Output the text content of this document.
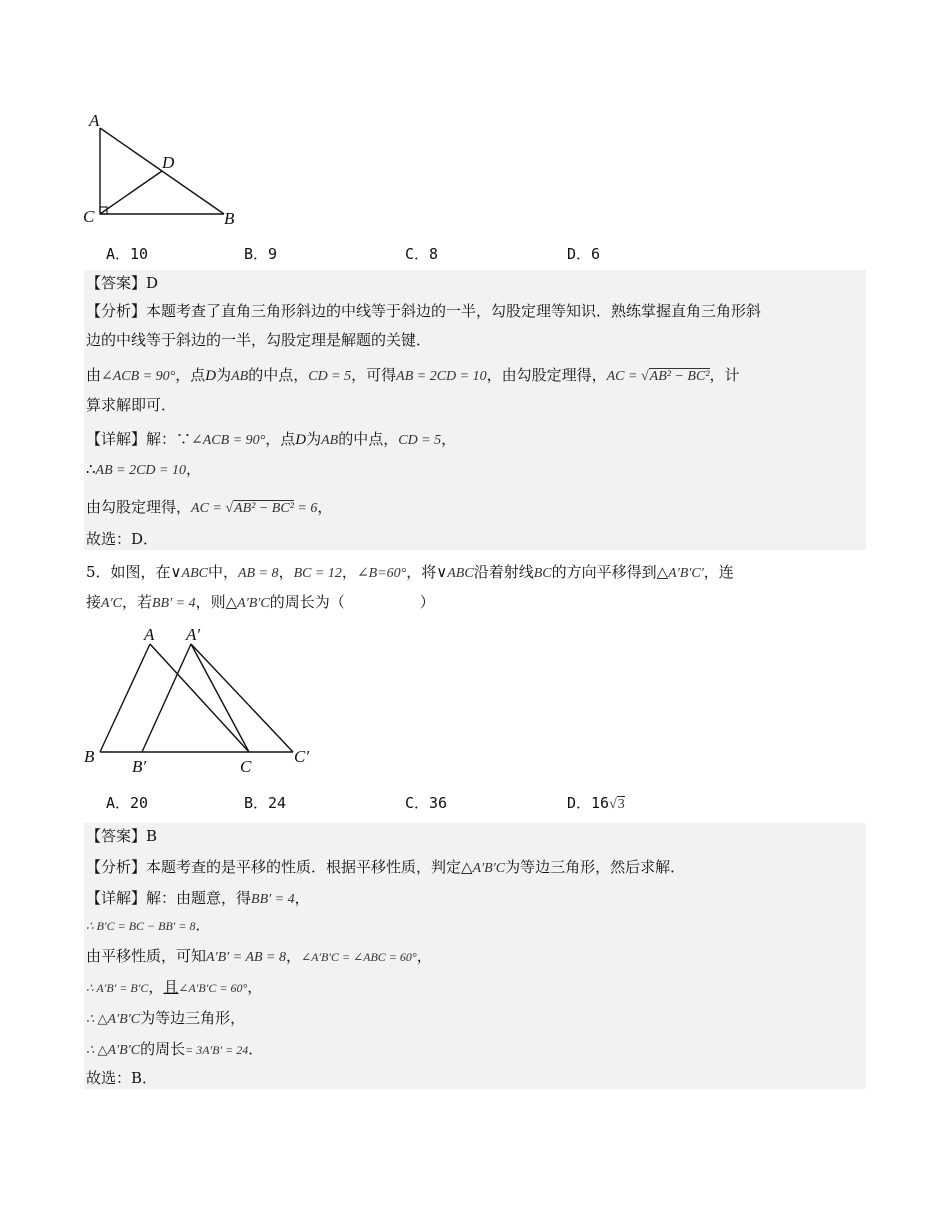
A
D
C	B
A．10	B．9	C．8	D．6
【答案】D
【分析】本题考查了直角三角形斜边的中线等于斜边的一半，勾股定理等知识．熟练掌握直角三角形斜
边的中线等于斜边的一半，勾股定理是解题的关键．
由∠ACB = 90°，点D为AB的中点，CD = 5，可得AB = 2CD = 10，由勾股定理得，AC = √AB² − BC²，计
算求解即可．
【详解】解：∵∠ACB = 90°，点D为AB的中点，CD = 5，
∴AB = 2CD = 10，
由勾股定理得，AC = √AB² − BC² = 6，
故选：D．
5．如图，在∨ABC中，AB = 8，BC = 12，∠B=60°，将∨ABC沿着射线BC的方向平移得到△A′B′C′，连
接A′C，若BB′ = 4，则△A′B′C的周长为（　　　　　）
A A′
B
B′	C
C′
A．20	B．24	C．36	D．16√3
【答案】B
【分析】本题考查的是平移的性质．根据平移性质，判定△A′B′C为等边三角形，然后求解．
【详解】解：由题意，得BB′ = 4，
∴ B′C = BC − BB′ = 8．
由平移性质，可知A′B′ = AB = 8，∠A′B′C = ∠ABC = 60°，
∴ A′B′ = B′C，且∠A′B′C = 60°，
∴ △A′B′C为等边三角形，
∴ △A′B′C的周长= 3A′B′ = 24．
故选：B．
